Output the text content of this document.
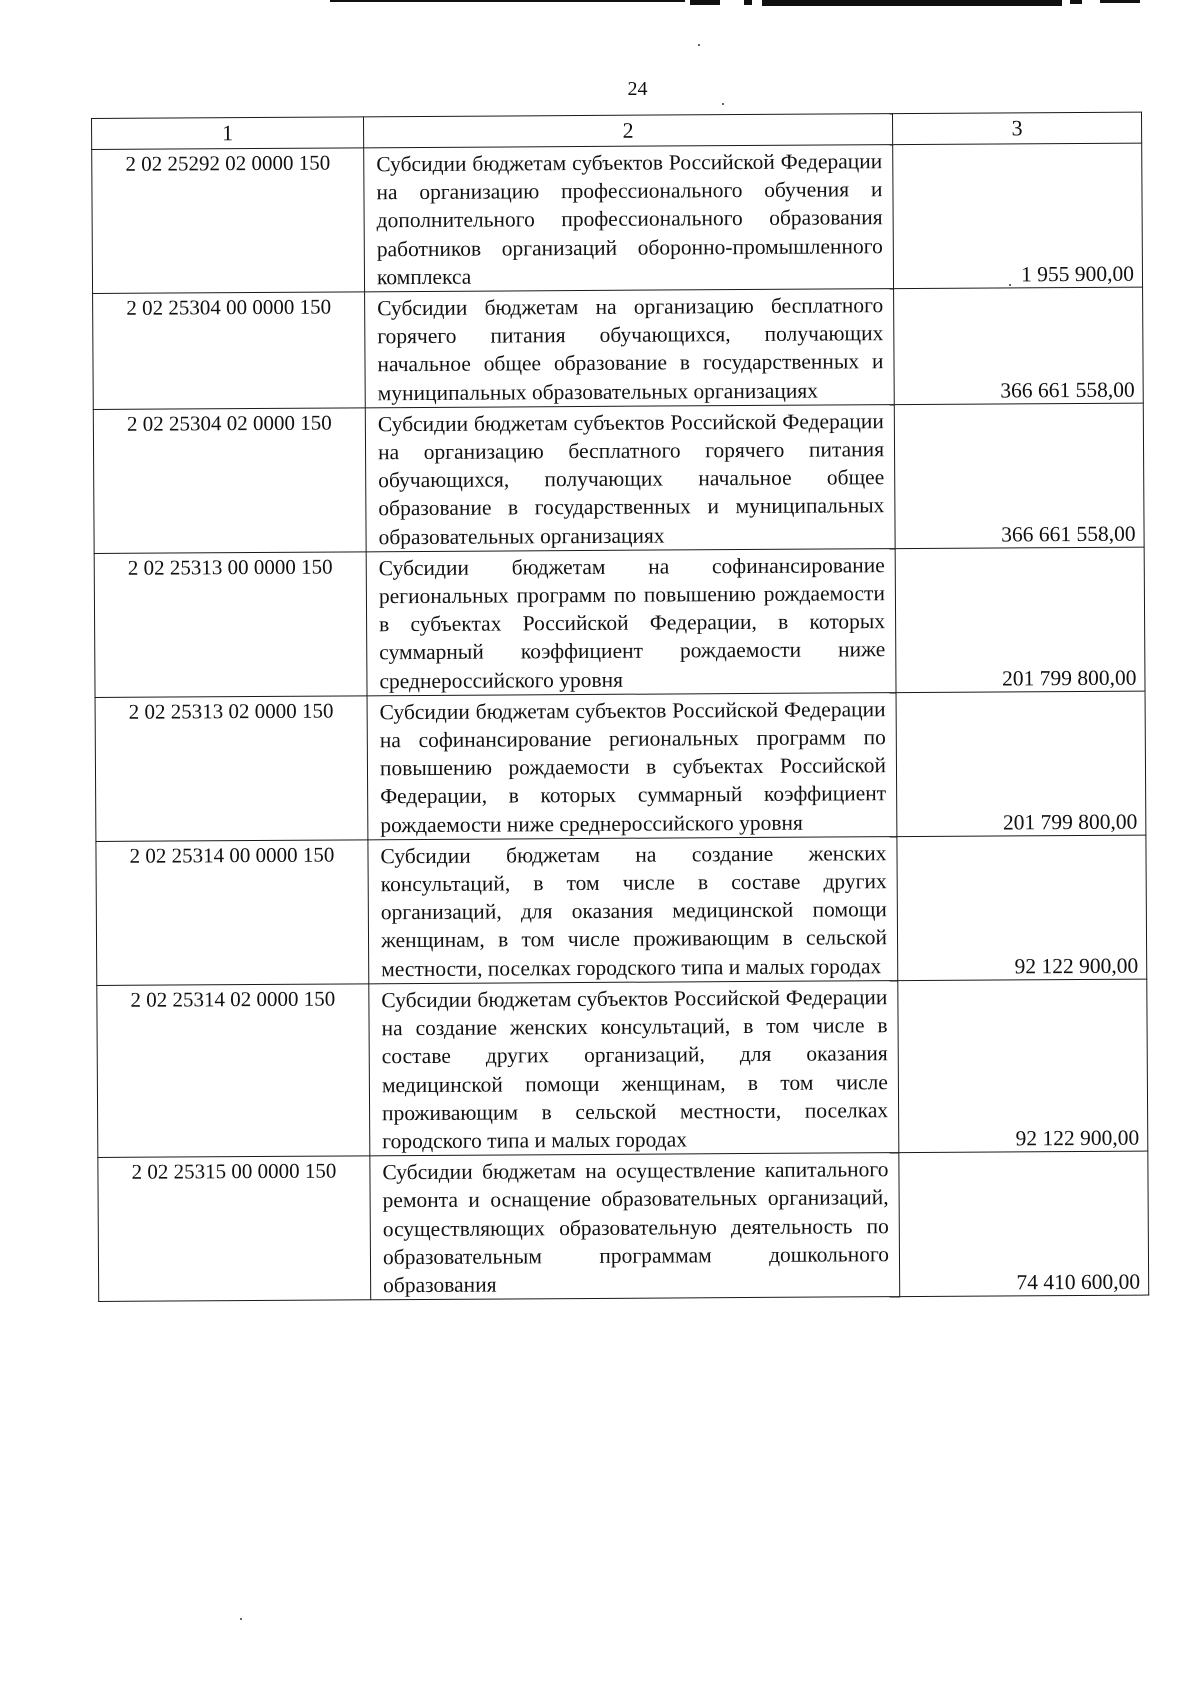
24
1	2	3
2 02 25292 02 0000 150	Субсидии бюджетам субъектов Российской Федерации на организацию профессионального обучения и дополнительного профессионального образования работников организаций оборонно-промышленного комплекса	1 955 900,00
2 02 25304 00 0000 150	Субсидии бюджетам на организацию бесплатного горячего питания обучающихся, получающих начальное общее образование в государственных и муниципальных образовательных организациях	366 661 558,00
2 02 25304 02 0000 150	Субсидии бюджетам субъектов Российской Федерации на организацию бесплатного горячего питания обучающихся, получающих начальное общее образование в государственных и муниципальных образовательных организациях	366 661 558,00
2 02 25313 00 0000 150	Субсидии бюджетам на софинансирование региональных программ по повышению рождаемости в субъектах Российской Федерации, в которых суммарный коэффициент рождаемости ниже среднероссийского уровня	201 799 800,00
2 02 25313 02 0000 150	Субсидии бюджетам субъектов Российской Федерации на софинансирование региональных программ по повышению рождаемости в субъектах Российской Федерации, в которых суммарный коэффициент рождаемости ниже среднероссийского уровня	201 799 800,00
2 02 25314 00 0000 150	Субсидии бюджетам на создание женских консультаций, в том числе в составе других организаций, для оказания медицинской помощи женщинам, в том числе проживающим в сельской местности, поселках городского типа и малых городах	92 122 900,00
2 02 25314 02 0000 150	Субсидии бюджетам субъектов Российской Федерации на создание женских консультаций, в том числе в составе других организаций, для оказания медицинской помощи женщинам, в том числе проживающим в сельской местности, поселках городского типа и малых городах	92 122 900,00
2 02 25315 00 0000 150	Субсидии бюджетам на осуществление капитального ремонта и оснащение образовательных организаций, осуществляющих образовательную деятельность по образовательным программам дошкольного образования	74 410 600,00
